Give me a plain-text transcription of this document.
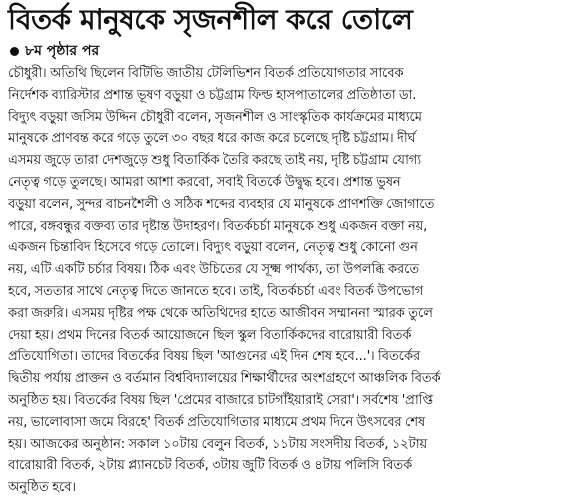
বিতর্ক মানুষকে সৃজনশীল করে তোলে
৮ম পৃষ্ঠার পর
চৌধুরী। অতিথি ছিলেন বিটিভি জাতীয় টেলিভিশন বিতর্ক প্রতিযোগতার সাবেক
নির্দেশক ব্যারিস্টার প্রশান্ত ভূষণ বড়ুয়া ও চট্টগ্রাম ফিল্ড হাসপাতালের প্রতিষ্ঠাতা ডা.
বিদ্যুৎ বড়ুয়া জসিম উদ্দিন চৌধুরী বলেন, সৃজনশীল ও সাংস্কৃতিক কার্যক্রমের মাধ্যমে
মানুষকে প্রাণবন্ত করে গড়ে তুলে ৩০ বছর ধরে কাজ করে চলেছে দৃষ্টি চট্টগ্রাম। দীর্ঘ
এসময় জুড়ে তারা দেশজুড়ে শুধু বিতার্কিক তৈরি করছে তাই নয়, দৃষ্টি চট্টগ্রাম যোগ্য
নেতৃত্ব গড়ে তুলছে। আমরা আশা করবো, সবাই বিতর্কে উদ্বুদ্ধ হবে। প্রশান্ত ভুষন
বড়ুয়া বলেন, সুন্দর বাচনশৈলী ও সঠিক শব্দের ব্যবহার যে মানুষকে প্রাণশক্তি জোগাতে
পারে, বঙ্গবন্ধুর বক্তব্য তার দৃষ্টান্ত উদাহরণ। বিতর্কচর্চা মানুষকে শুধু একজন বক্তা নয়,
একজন চিন্তাবিদ হিসেবে গড়ে তোলে। বিদ্যুৎ বড়ুয়া বলেন, নেতৃত্ব শুধু কোনো গুন
নয়, এটি একটি চর্চার বিষয়। ঠিক এবং উচিতের যে সূক্ষ্ম পার্থক্য, তা উপলব্ধি করতে
হবে, সততার সাথে নেতৃত্ব দিতে জানতে হবে। তাই, বিতর্কচর্চা এবং বিতর্ক উপভোগ
করা জরুরি। এসময় দৃষ্টির পক্ষ থেকে অতিথিদের হাতে আজীবন সম্মাননা স্মারক তুলে
দেয়া হয়। প্রথম দিনের বিতর্ক আয়োজনে ছিল স্কুল বিতার্কিকদের বারোয়ারী বিতর্ক
প্রতিযোগিতা। তাদের বিতর্কের বিষয় ছিল 'আগুনের এই দিন শেষ হবে...'। বিতর্কের
দ্বিতীয় পর্যায় প্রাক্তন ও বর্তমান বিশ্ববিদ্যালয়ের শিক্ষার্থীদের অংশগ্রহণে আঞ্চলিক বিতর্ক
অনুষ্ঠিত হয়। বিতর্কের বিষয় ছিল 'প্রেমের বাজারে চাটগাঁইয়ারাই সেরা'। সর্বশেষ 'প্রাপ্তি
নয়, ভালোবাসা জমে বিরহে' বিতর্ক প্রতিযোগিতার মাধ্যমে প্রথম দিনে উৎসবের শেষ
হয়। আজকের অনুষ্ঠান: সকাল ১০টায় বেলুন বিতর্ক, ১১টায় সংসদীয় বিতর্ক, ১২টায়
বারোয়ারী বিতর্ক, ২টায় প্ল্যানচেট বিতর্ক, ৩টায় জুটি বিতর্ক ও ৪টায় পলিসি বিতর্ক
অনুষ্ঠিত হবে।
